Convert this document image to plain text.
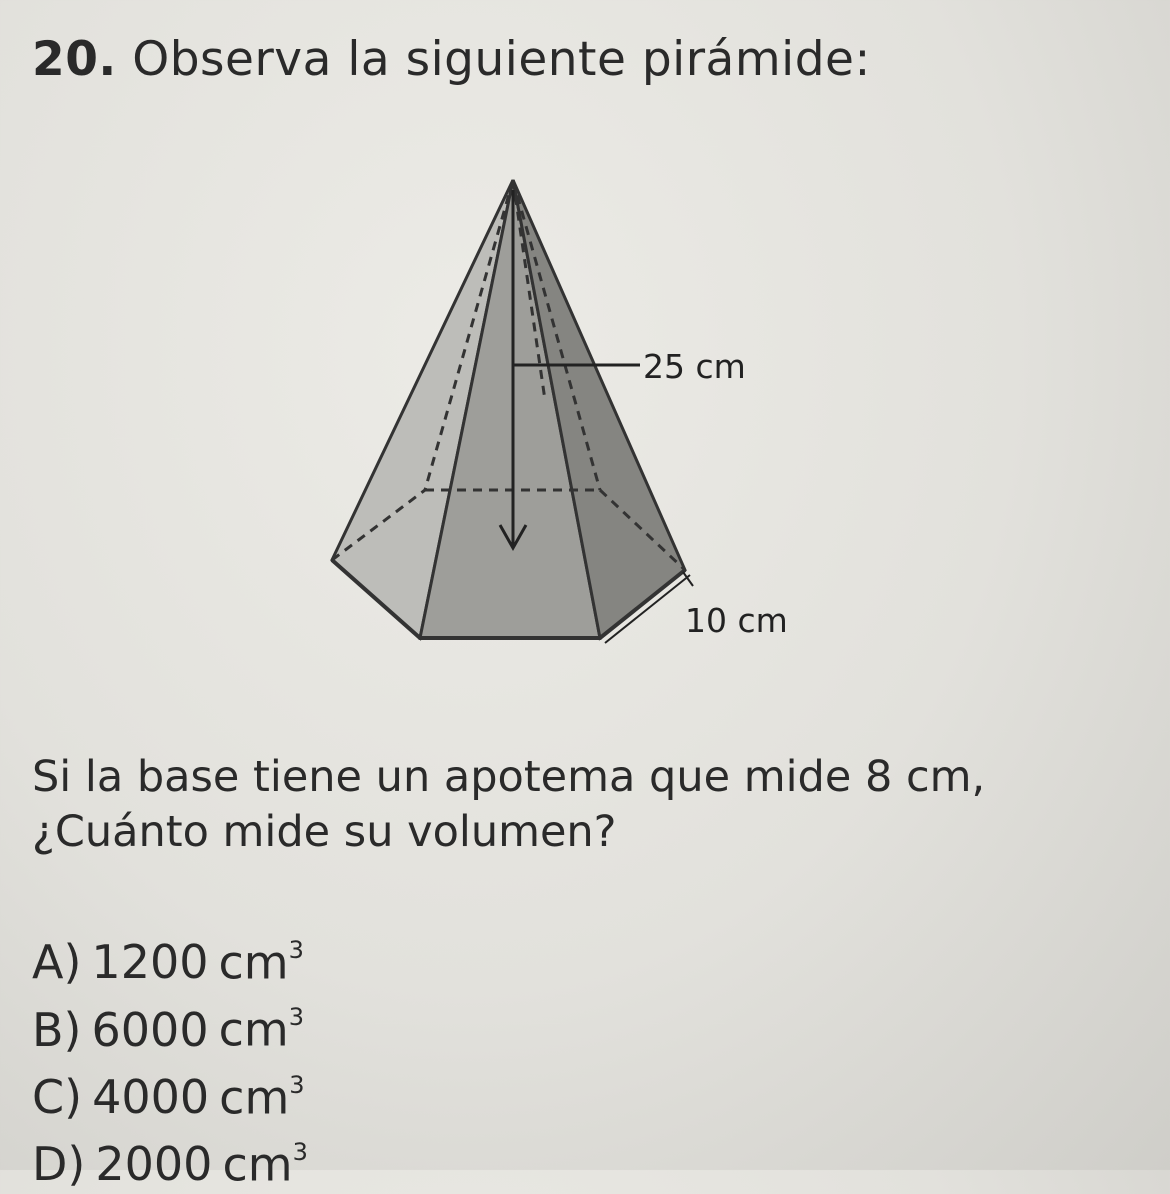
20. Observa la siguiente pirámide:
25 cm
10 cm
Si la base tiene un apotema que mide 8 cm,
¿Cuánto mide su volumen?
A) 1200 $cm^3$
B) 6000 $cm^3$
C) 4000 $cm^3$
D) 2000 $cm^3$
